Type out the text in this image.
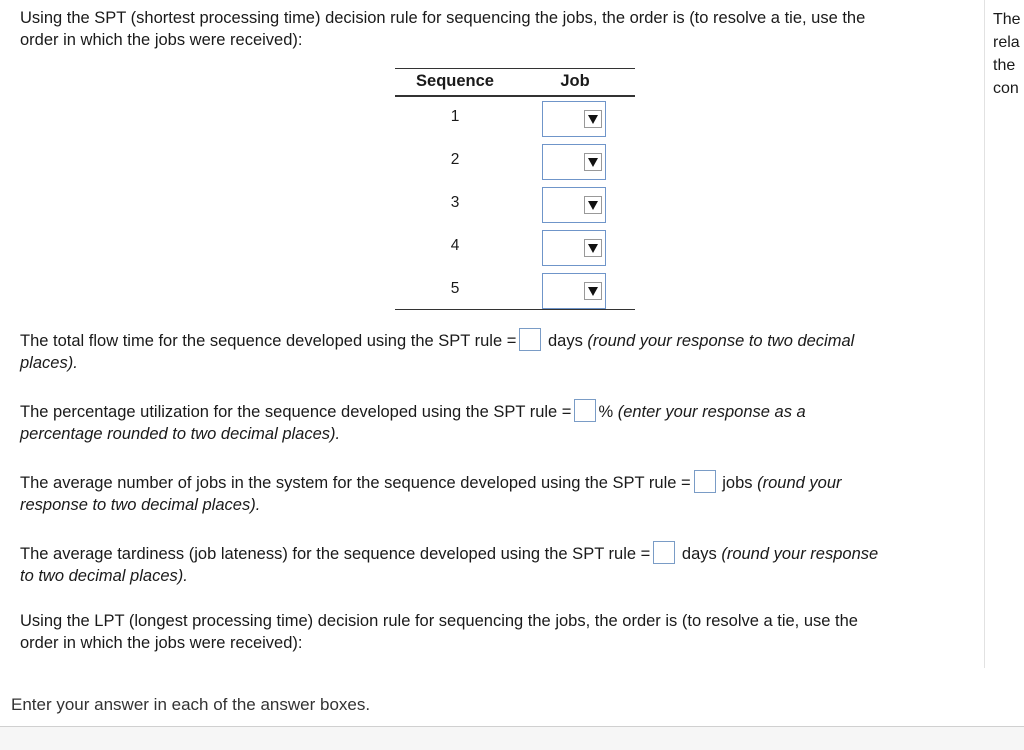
Using the SPT (shortest processing time) decision rule for sequencing the jobs, the order is (to resolve a tie, use the
order in which the jobs were received):
Sequence	Job
1
2
3
4
5
The total flow time for the sequence developed using the SPT rule = days (round your response to two decimal
places).
The percentage utilization for the sequence developed using the SPT rule = % (enter your response as a
percentage rounded to two decimal places).
The average number of jobs in the system for the sequence developed using the SPT rule = jobs (round your
response to two decimal places).
The average tardiness (job lateness) for the sequence developed using the SPT rule = days (round your response
to two decimal places).
Using the LPT (longest processing time) decision rule for sequencing the jobs, the order is (to resolve a tie, use the
order in which the jobs were received):
The
rela
the
con
Enter your answer in each of the answer boxes.
